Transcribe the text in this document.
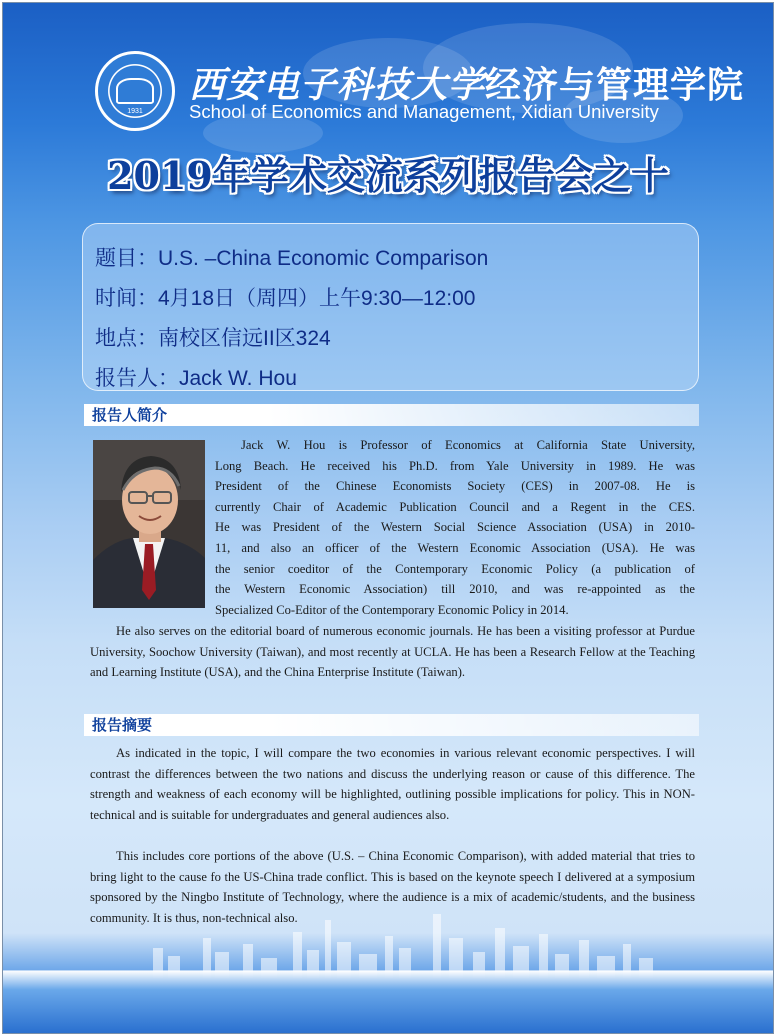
1931
西安电子科技大学经济与管理学院
School of Economics and Management, Xidian University
2019年学术交流系列报告会之十
题目：U.S. –China Economic Comparison
时间：4月18日（周四）上午9:30—12:00
地点：南校区信远II区324
报告人：Jack W. Hou
报告人简介
Jack W. Hou is Professor of Economics at California State University,
Long Beach. He received his Ph.D. from Yale University in 1989. He was
President of the Chinese Economists Society (CES) in 2007-08. He is
currently Chair of Academic Publication Council and a Regent in the CES.
He was President of the Western Social Science Association (USA) in 2010-
11, and also an officer of the Western Economic Association (USA). He was
the senior coeditor of the Contemporary Economic Policy (a publication of
the Western Economic Association) till 2010, and was re-appointed as the
Specialized Co-Editor of the Contemporary Economic Policy in 2014.
He also serves on the editorial board of numerous economic journals. He has been a visiting professor at Purdue University, Soochow University (Taiwan), and most recently at UCLA. He has been a Research Fellow at the Teaching and Learning Institute (USA), and the China Enterprise Institute (Taiwan).
报告摘要
As indicated in the topic, I will compare the two economies in various relevant economic perspectives. I will contrast the differences between the two nations and discuss the underlying reason or cause of this difference. The strength and weakness of each economy will be highlighted, outlining possible implications for policy. This in NON-technical and is suitable for undergraduates and general audiences also.
This includes core portions of the above (U.S. – China Economic Comparison), with added material that tries to bring light to the cause fo the US-China trade conflict. This is based on the keynote speech I delivered at a symposium sponsored by the Ningbo Institute of Technology, where the audience is a mix of academic/students, and the business community. It is thus, non-technical also.
